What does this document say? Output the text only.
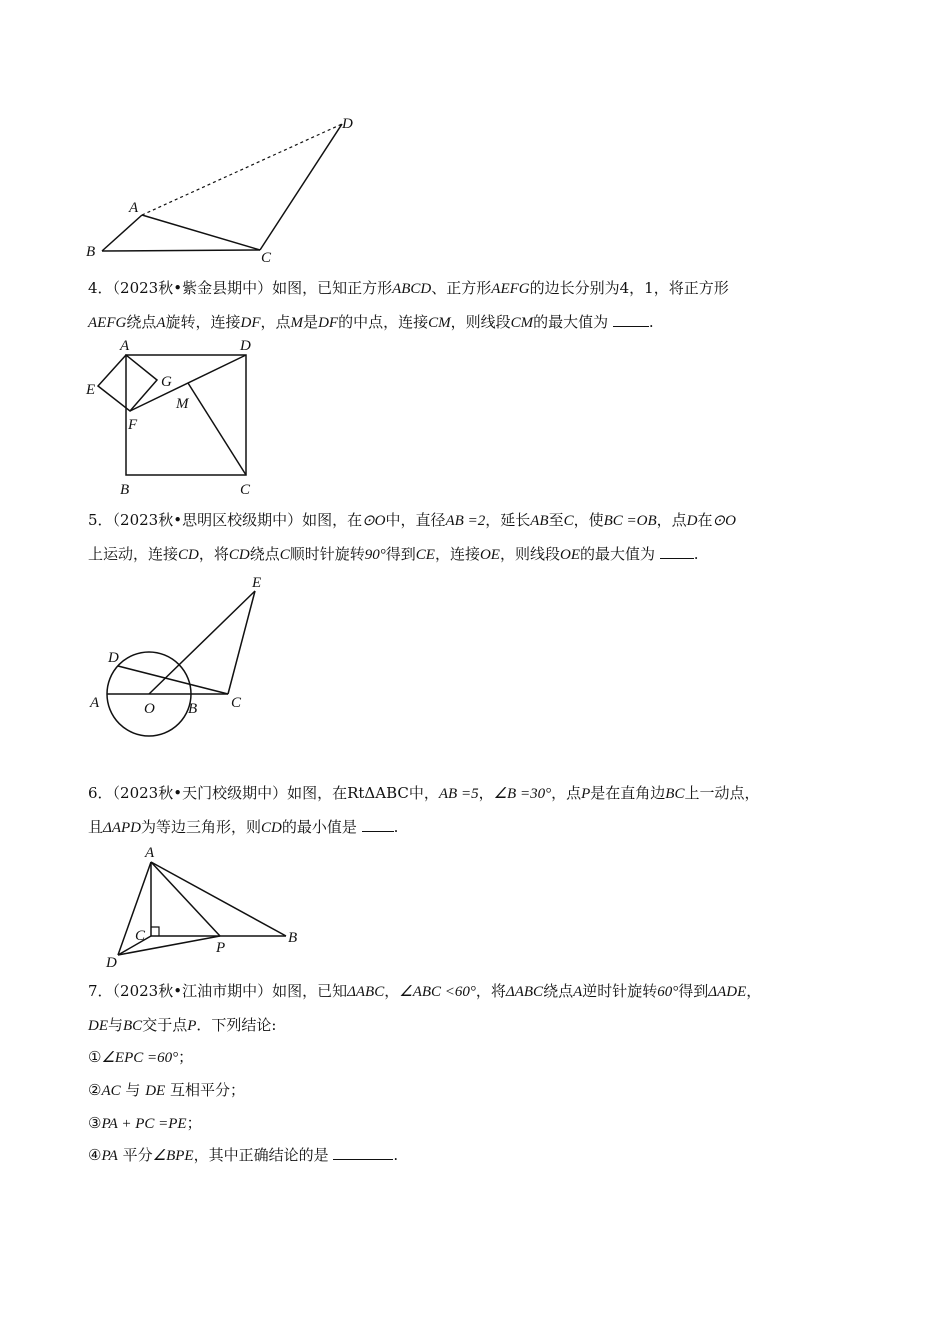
A
B	C
D
4．（2023秋•紫金县期中）如图，已知正方形ABCD、正方形AEFG的边长分别为4，1，将正方形
AEFG绕点A旋转，连接DF，点M是DF的中点，连接CM，则线段CM的最大值为	.
A	D
E	G
M
F
B	C
5．（2023秋•思明区校级期中）如图，在⊙O中，直径AB =2，延长AB至C，使BC =OB，点D在⊙O
上运动，连接CD，将CD绕点C顺时针旋转90°得到CE，连接OE，则线段OE的最大值为	.
E
D
A	O B C
6．（2023秋•天门校级期中）如图，在RtΔABC中，AB =5，∠B =30°，点P是在直角边BC上一动点，
且ΔAPD为等边三角形，则CD的最小值是 .
A
C
P
B
D
7．（2023秋•江油市期中）如图，已知ΔABC，∠ABC <60°，将ΔABC绕点A逆时针旋转60°得到ΔADE，
DE与BC交于点P．下列结论:
①∠EPC =60°；
②AC 与 DE 互相平分；
③PA + PC =PE；
④PA 平分∠BPE，其中正确结论的是	.
